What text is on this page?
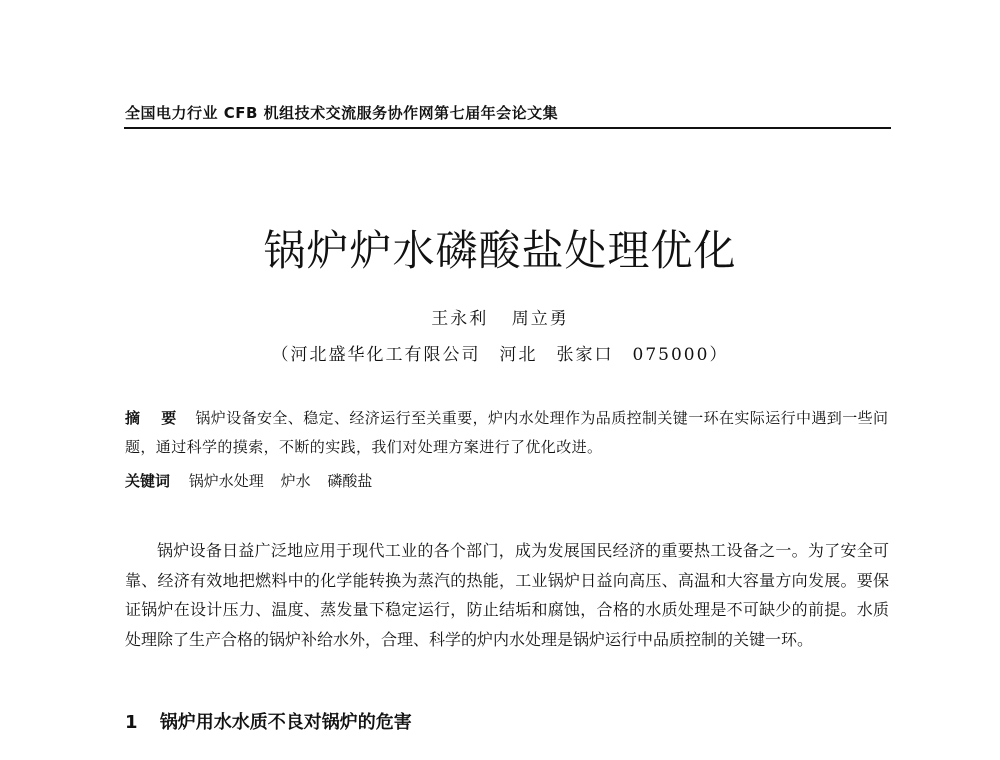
全国电力行业 CFB 机组技术交流服务协作网第七届年会论文集
锅炉炉水磷酸盐处理优化
王永利 周立勇
（河北盛华化工有限公司　河北　张家口　075000）
摘 要 锅炉设备安全、稳定、经济运行至关重要，炉内水处理作为品质控制关键一环在实际运行中遇到一些问题，通过科学的摸索，不断的实践，我们对处理方案进行了优化改进。
关键词 锅炉水处理 炉水 磷酸盐
锅炉设备日益广泛地应用于现代工业的各个部门，成为发展国民经济的重要热工设备之一。为了安全可靠、经济有效地把燃料中的化学能转换为蒸汽的热能，工业锅炉日益向高压、高温和大容量方向发展。要保证锅炉在设计压力、温度、蒸发量下稳定运行，防止结垢和腐蚀，合格的水质处理是不可缺少的前提。水质处理除了生产合格的锅炉补给水外，合理、科学的炉内水处理是锅炉运行中品质控制的关键一环。
1 锅炉用水水质不良对锅炉的危害
